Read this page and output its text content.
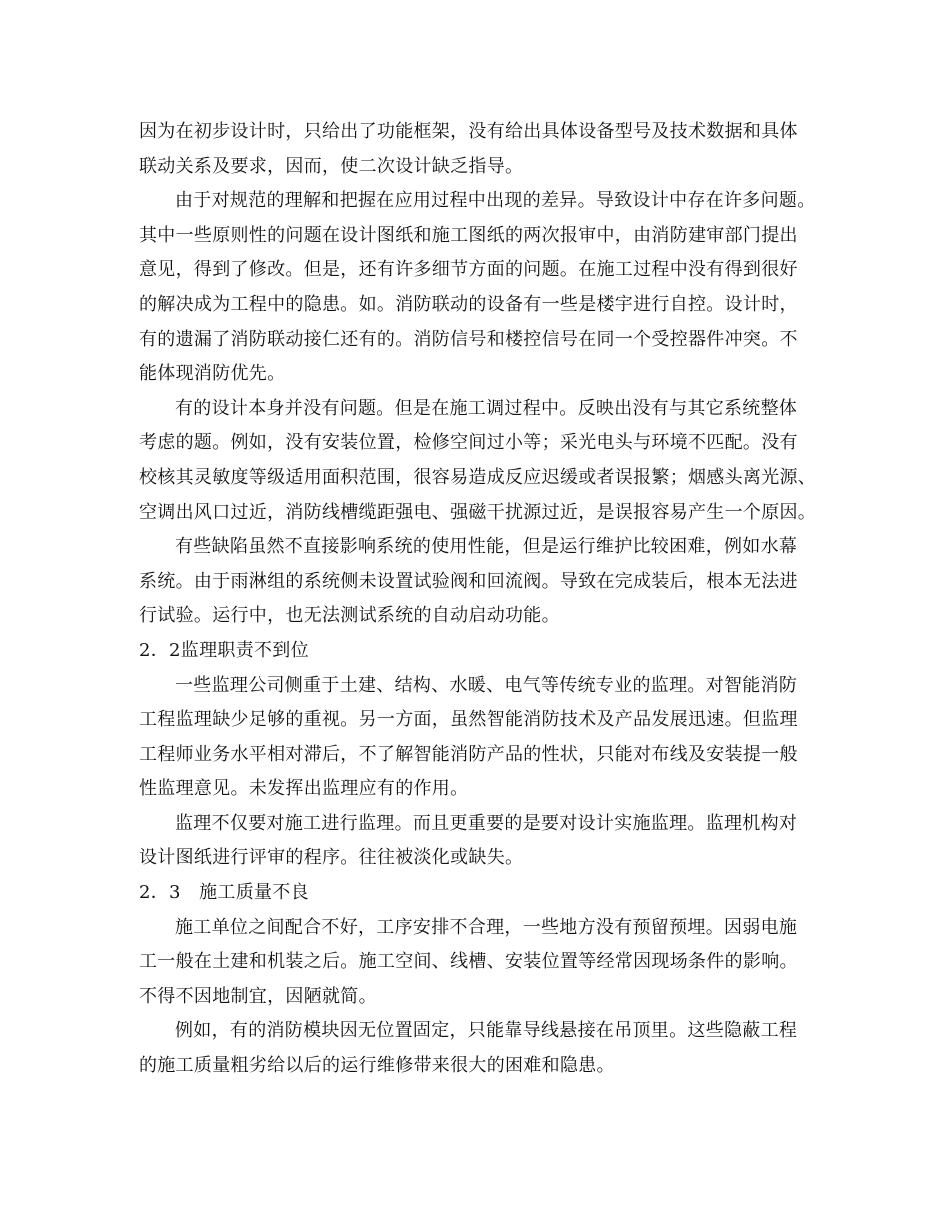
因为在初步设计时，只给出了功能框架，没有给出具体设备型号及技术数据和具体
联动关系及要求，因而，使二次设计缺乏指导。
由于对规范的理解和把握在应用过程中出现的差异。导致设计中存在许多问题。
其中一些原则性的问题在设计图纸和施工图纸的两次报审中，由消防建审部门提出
意见，得到了修改。但是，还有许多细节方面的问题。在施工过程中没有得到很好
的解决成为工程中的隐患。如。消防联动的设备有一些是楼宇进行自控。设计时，
有的遗漏了消防联动接仁还有的。消防信号和楼控信号在同一个受控器件冲突。不
能体现消防优先。
有的设计本身并没有问题。但是在施工调过程中。反映出没有与其它系统整体
考虑的题。例如，没有安装位置，检修空间过小等；采光电头与环境不匹配。没有
校核其灵敏度等级适用面积范围，很容易造成反应迟缓或者误报繁；烟感头离光源、
空调出风口过近，消防线槽缆距强电、强磁干扰源过近，是误报容易产生一个原因。
有些缺陷虽然不直接影响系统的使用性能，但是运行维护比较困难，例如水幕
系统。由于雨淋组的系统侧未设置试验阀和回流阀。导致在完成装后，根本无法进
行试验。运行中，也无法测试系统的自动启动功能。
2．2监理职责不到位
一些监理公司侧重于土建、结构、水暖、电气等传统专业的监理。对智能消防
工程监理缺少足够的重视。另一方面，虽然智能消防技术及产品发展迅速。但监理
工程师业务水平相对滞后，不了解智能消防产品的性状，只能对布线及安装提一般
性监理意见。未发挥出监理应有的作用。
监理不仅要对施工进行监理。而且更重要的是要对设计实施监理。监理机构对
设计图纸进行评审的程序。往往被淡化或缺失。
2．3　施工质量不良
施工单位之间配合不好，工序安排不合理，一些地方没有预留预埋。因弱电施
工一般在土建和机装之后。施工空间、线槽、安装位置等经常因现场条件的影响。
不得不因地制宜，因陋就简。
例如，有的消防模块因无位置固定，只能靠导线悬接在吊顶里。这些隐蔽工程
的施工质量粗劣给以后的运行维修带来很大的困难和隐患。
